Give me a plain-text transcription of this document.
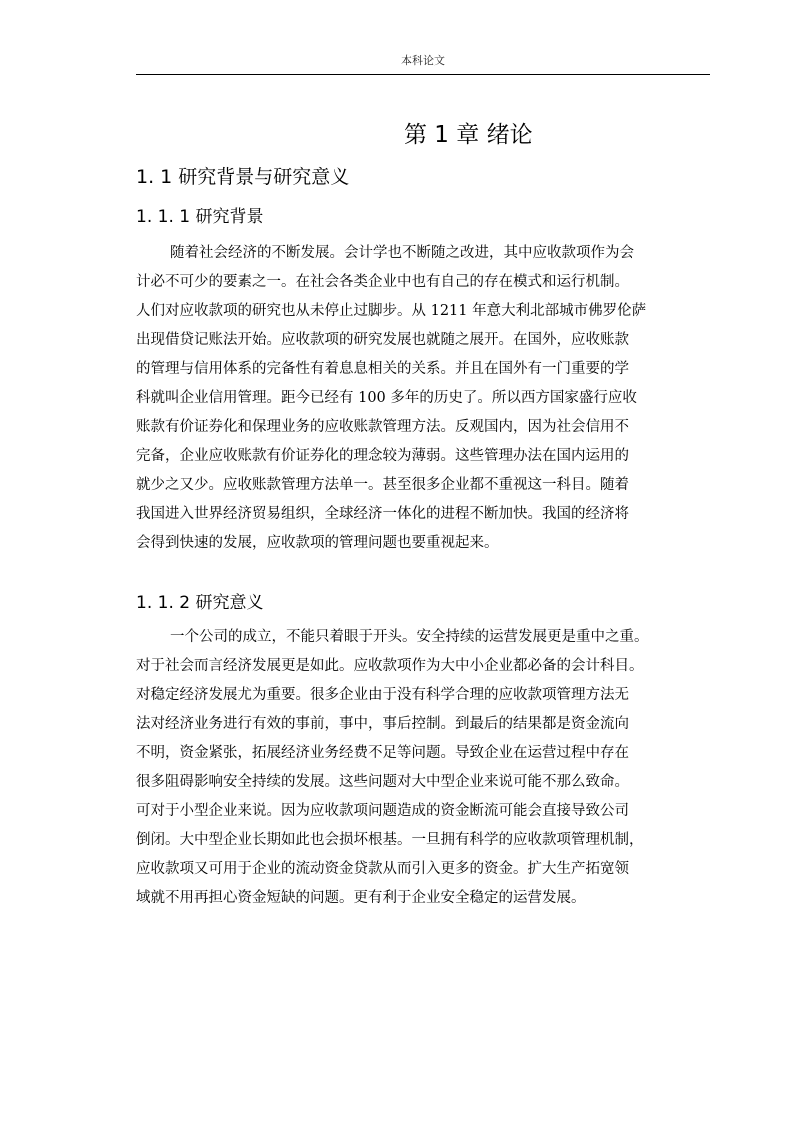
本科论文
第 1 章 绪论
1. 1 研究背景与研究意义
1. 1. 1 研究背景
随着社会经济的不断发展。会计学也不断随之改进，其中应收款项作为会
计必不可少的要素之一。在社会各类企业中也有自己的存在模式和运行机制。
人们对应收款项的研究也从未停止过脚步。从 1211 年意大利北部城市佛罗伦萨
出现借贷记账法开始。应收款项的研究发展也就随之展开。在国外，应收账款
的管理与信用体系的完备性有着息息相关的关系。并且在国外有一门重要的学
科就叫企业信用管理。距今已经有 100 多年的历史了。所以西方国家盛行应收
账款有价证券化和保理业务的应收账款管理方法。反观国内，因为社会信用不
完备，企业应收账款有价证券化的理念较为薄弱。这些管理办法在国内运用的
就少之又少。应收账款管理方法单一。甚至很多企业都不重视这一科目。随着
我国进入世界经济贸易组织，全球经济一体化的进程不断加快。我国的经济将
会得到快速的发展，应收款项的管理问题也要重视起来。
1. 1. 2 研究意义
一个公司的成立，不能只着眼于开头。安全持续的运营发展更是重中之重。
对于社会而言经济发展更是如此。应收款项作为大中小企业都必备的会计科目。
对稳定经济发展尤为重要。很多企业由于没有科学合理的应收款项管理方法无
法对经济业务进行有效的事前，事中，事后控制。到最后的结果都是资金流向
不明，资金紧张，拓展经济业务经费不足等问题。导致企业在运营过程中存在
很多阻碍影响安全持续的发展。这些问题对大中型企业来说可能不那么致命。
可对于小型企业来说。因为应收款项问题造成的资金断流可能会直接导致公司
倒闭。大中型企业长期如此也会损坏根基。一旦拥有科学的应收款项管理机制，
应收款项又可用于企业的流动资金贷款从而引入更多的资金。扩大生产拓宽领
域就不用再担心资金短缺的问题。更有利于企业安全稳定的运营发展。
